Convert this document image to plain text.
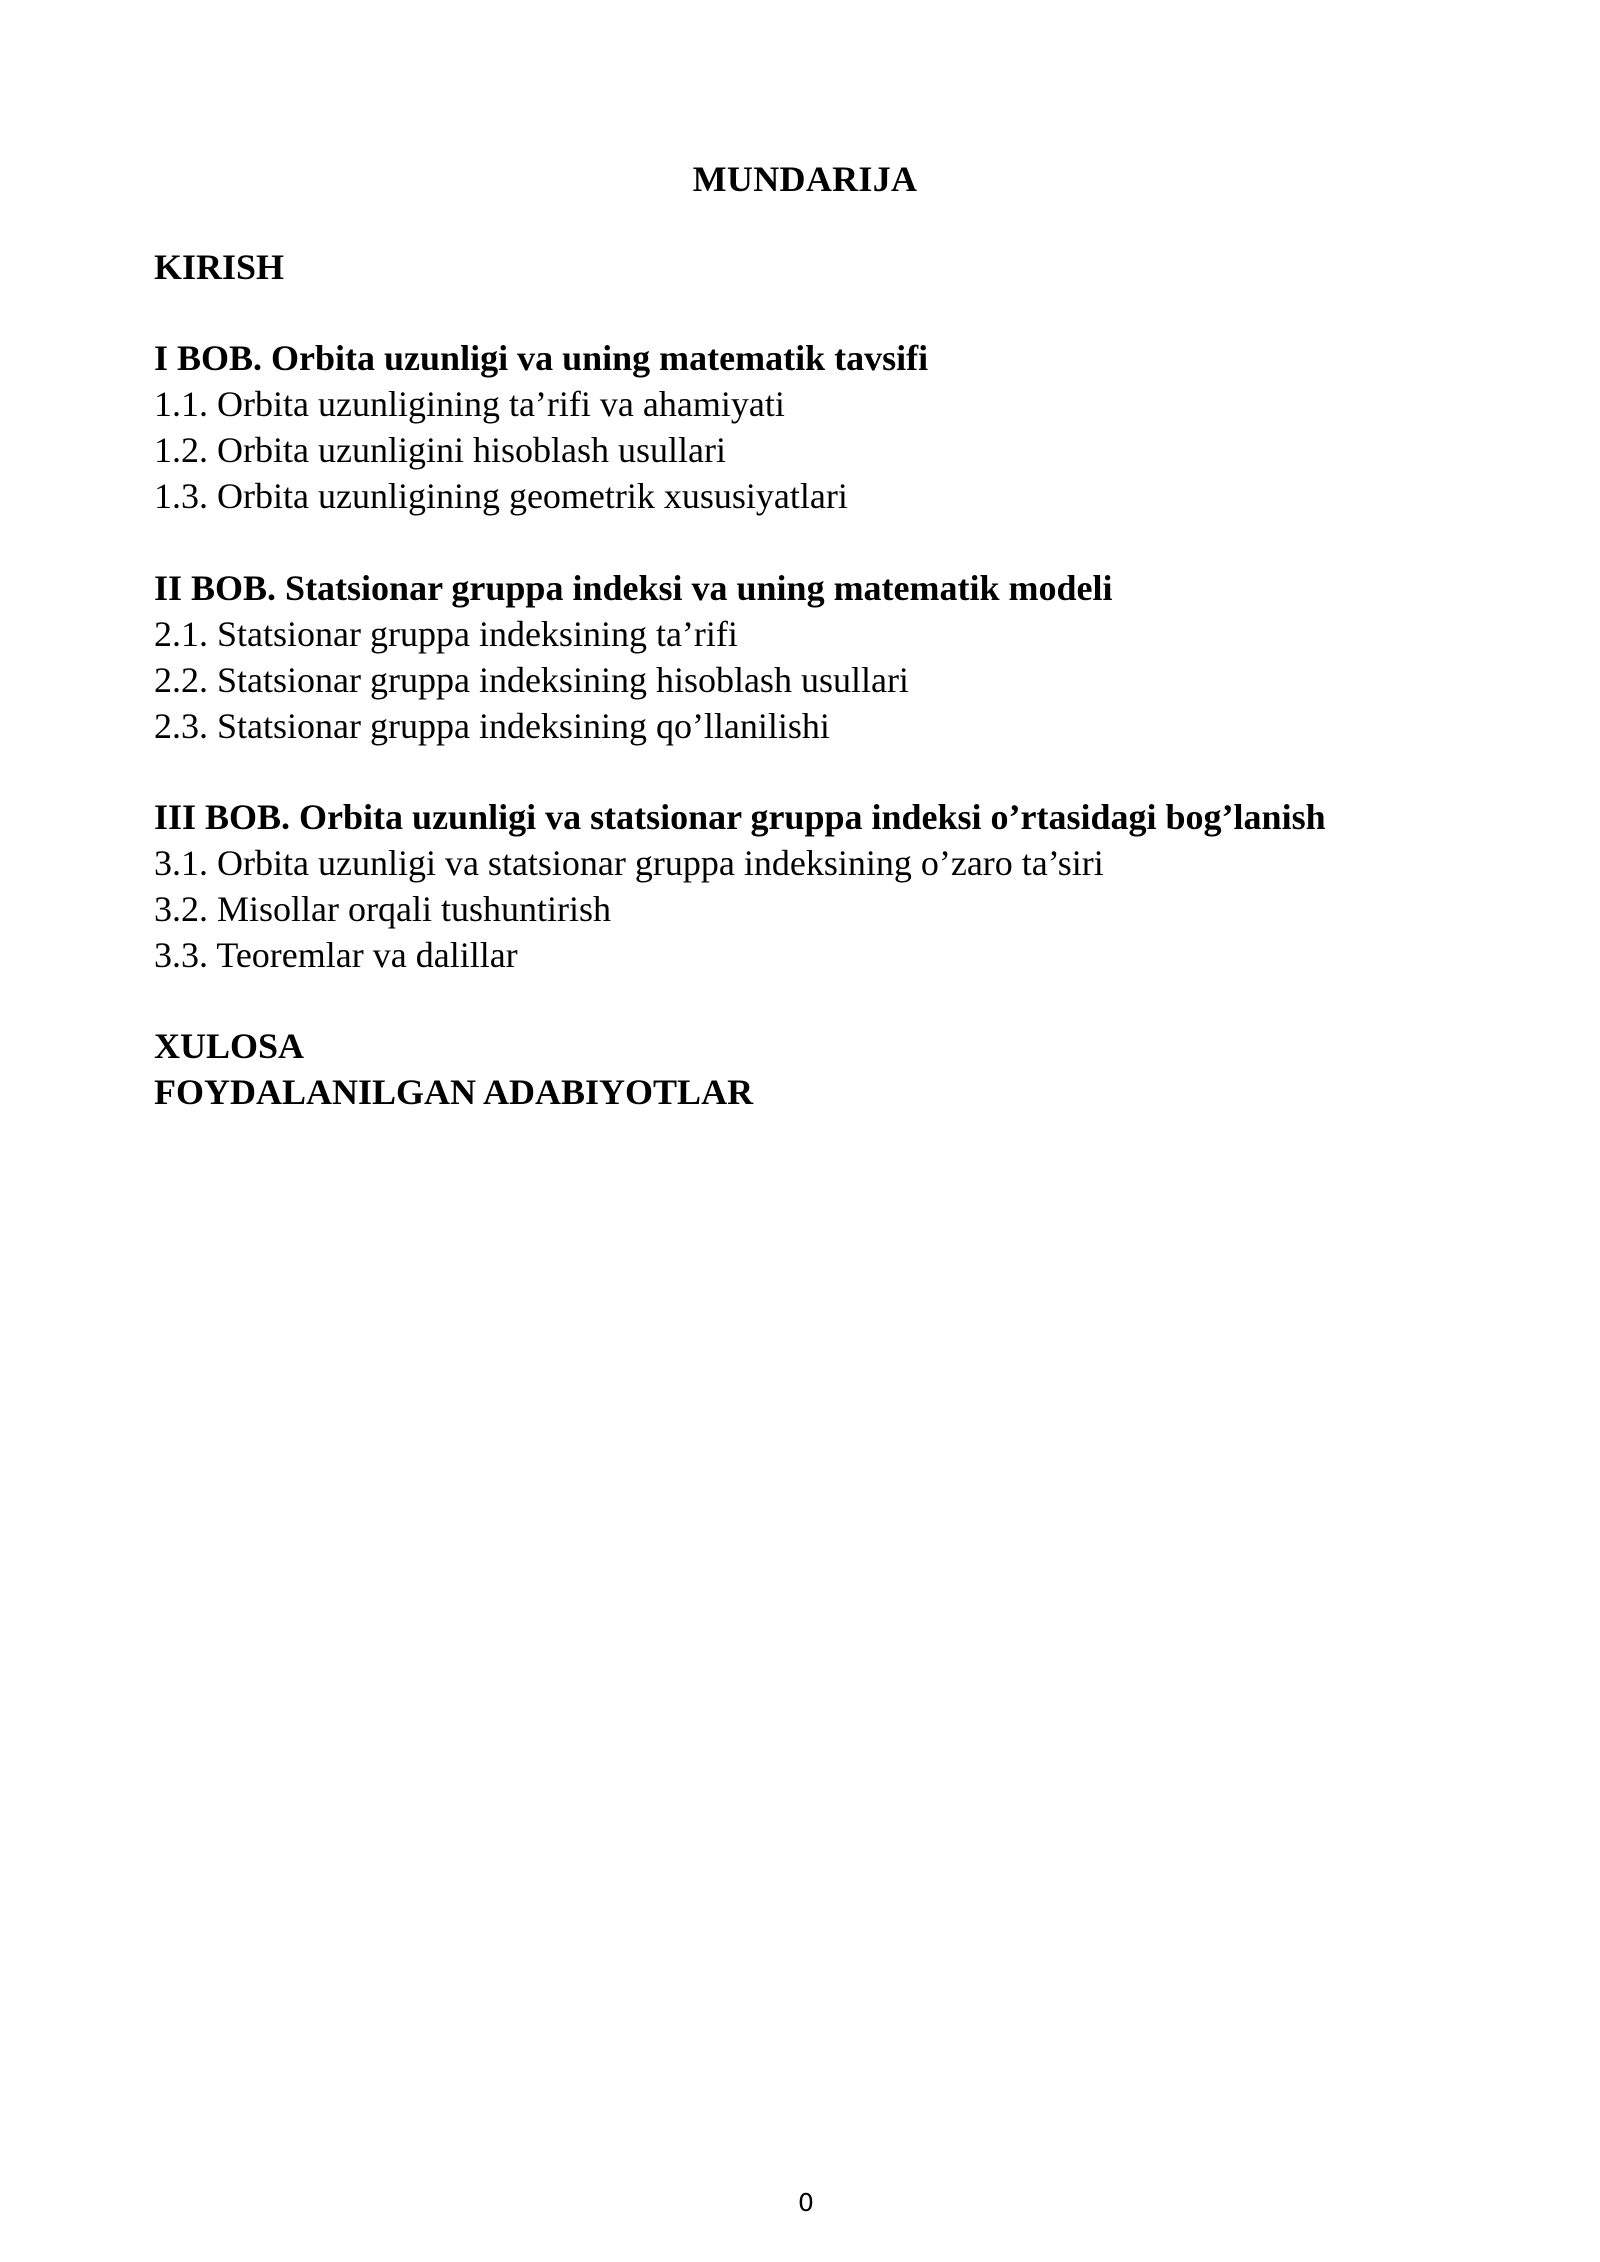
MUNDARIJA
KIRISH
I BOB. Orbita uzunligi va uning matematik tavsifi
1.1. Orbita uzunligining ta’rifi va ahamiyati
1.2. Orbita uzunligini hisoblash usullari
1.3. Orbita uzunligining geometrik xususiyatlari
II BOB. Statsionar gruppa indeksi va uning matematik modeli
2.1. Statsionar gruppa indeksining ta’rifi
2.2. Statsionar gruppa indeksining hisoblash usullari
2.3. Statsionar gruppa indeksining qo’llanilishi
III BOB. Orbita uzunligi va statsionar gruppa indeksi o’rtasidagi bog’lanish
3.1. Orbita uzunligi va statsionar gruppa indeksining o’zaro ta’siri
3.2. Misollar orqali tushuntirish
3.3. Teoremlar va dalillar
XULOSA
FOYDALANILGAN ADABIYOTLAR
0
